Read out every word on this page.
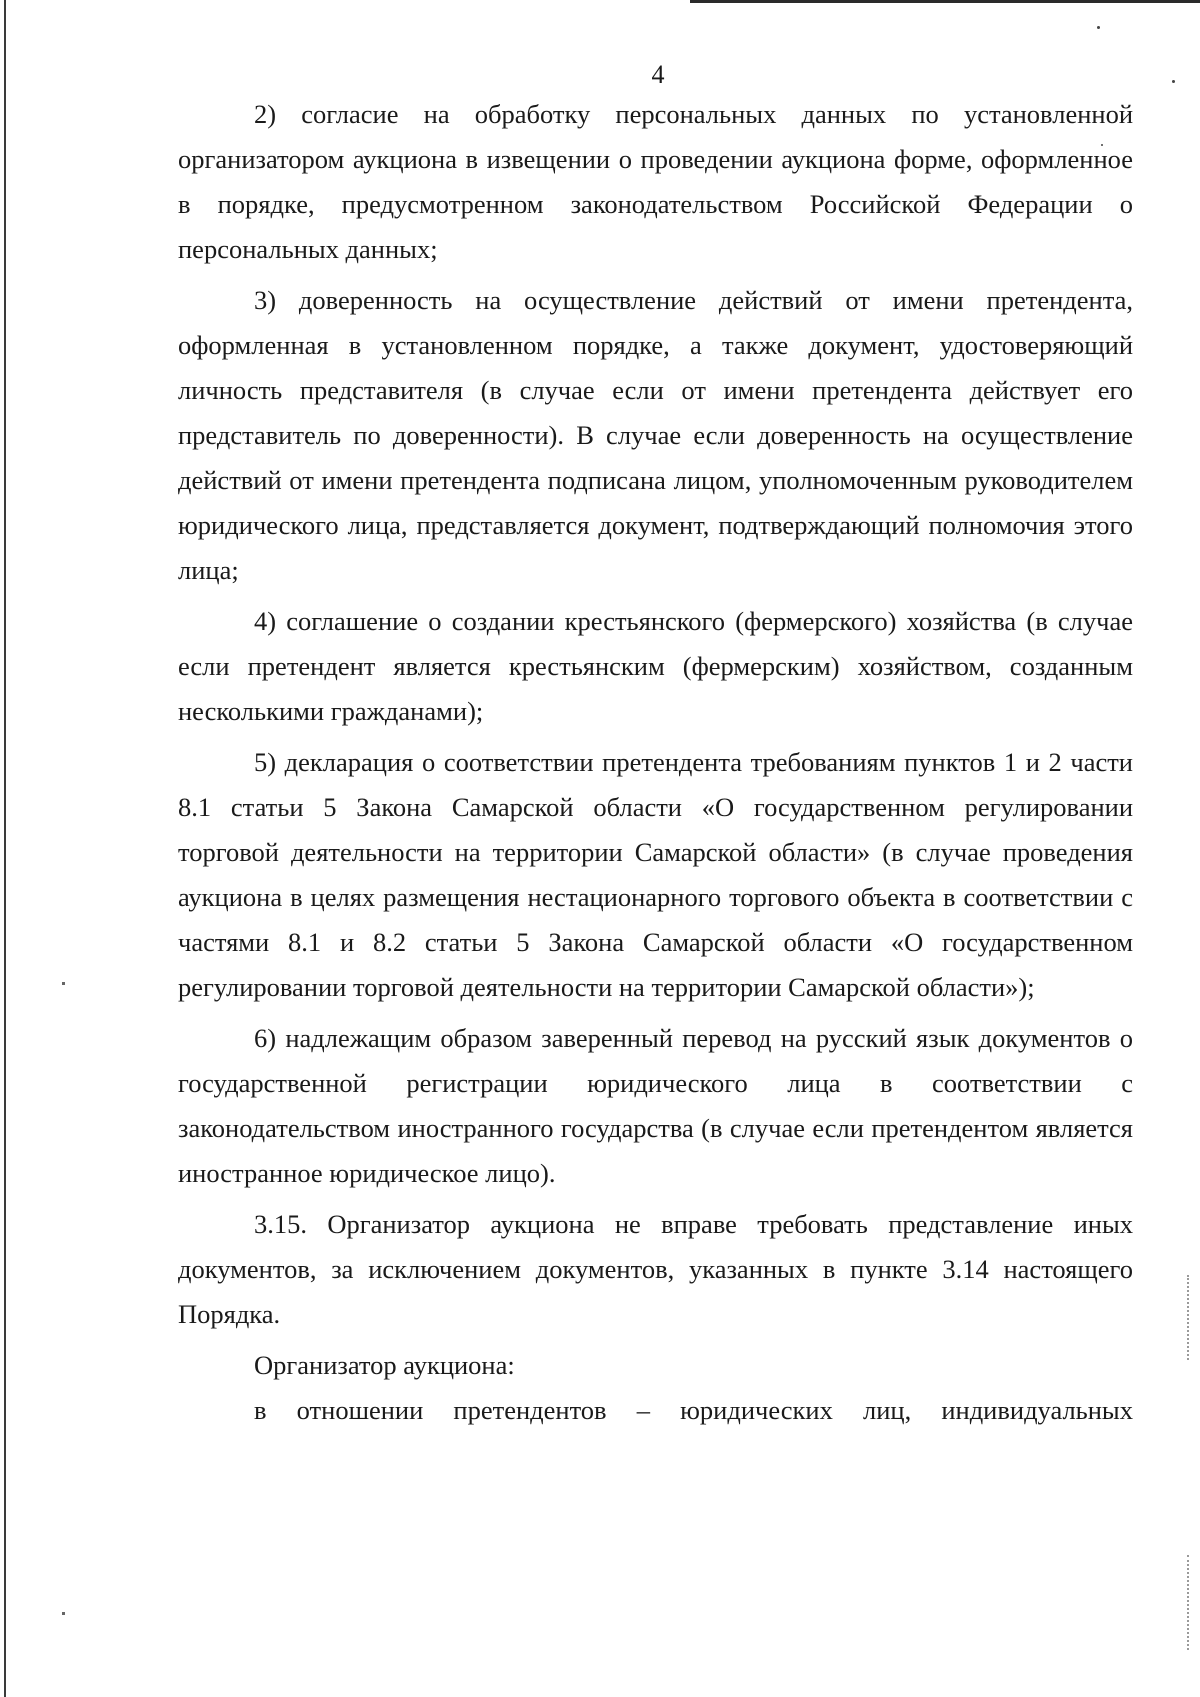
4

2) согласие на обработку персональных данных по установленной организатором аукциона в извещении о проведении аукциона форме, оформленное в порядке, предусмотренном законодательством Российской Федерации о персональных данных;

3) доверенность на осуществление действий от имени претендента, оформленная в установленном порядке, а также документ, удостоверяющий личность представителя (в случае если от имени претендента действует его представитель по доверенности). В случае если доверенность на осуществление действий от имени претендента подписана лицом, уполномоченным руководителем юридического лица, представляется документ, подтверждающий полномочия этого лица;

4) соглашение о создании крестьянского (фермерского) хозяйства (в случае если претендент является крестьянским (фермерским) хозяйством, созданным несколькими гражданами);

5) декларация о соответствии претендента требованиям пунктов 1 и 2 части 8.1 статьи 5 Закона Самарской области «О государственном регулировании торговой деятельности на территории Самарской области» (в случае проведения аукциона в целях размещения нестационарного торгового объекта в соответствии с частями 8.1 и 8.2 статьи 5 Закона Самарской области «О государственном регулировании торговой деятельности на территории Самарской области»);

6) надлежащим образом заверенный перевод на русский язык документов о государственной регистрации юридического лица в соответствии с законодательством иностранного государства (в случае если претендентом является иностранное юридическое лицо).

3.15. Организатор аукциона не вправе требовать представление иных документов, за исключением документов, указанных в пункте 3.14 настоящего Порядка.

Организатор аукциона:

в отношении претендентов – юридических лиц, индивидуальных
